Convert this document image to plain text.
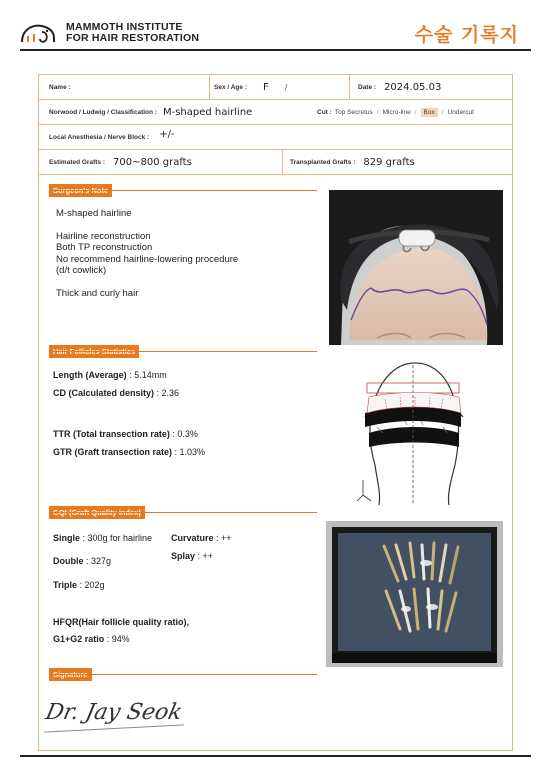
MAMMOTH INSTITUTE
FOR HAIR RESTORATION	수술 기록지
Name :	Sex / Age : F /	Date : 2024.05.03
Norwood / Ludwig / Classification : M-shaped hairline	Cut : Top Secretus / Micro-line /	Box	/ Undercut
Local Anesthesia / Nerve Block : +/-
Estimated Grafts : 700~800 grafts	Transplanted Grafts : 829 grafts
M-shaped hairline
Hairline reconstruction
Both TP reconstruction
No recommend hairline-lowering procedure
(d/t cowlick)
Thick and curly hair
Length (Average) : 5.14mm
CD (Calculated density) : 2.36
TTR (Total transection rate) : 0.3%
GTR (Graft transection rate) : 1.03%
Single : 300g for hairline Curvature : ++
Splay : ++
Double : 327g
Triple : 202g
HFQR(Hair follicle quality ratio),
G1+G2 ratio : 94%
Dr. Jay Seok
